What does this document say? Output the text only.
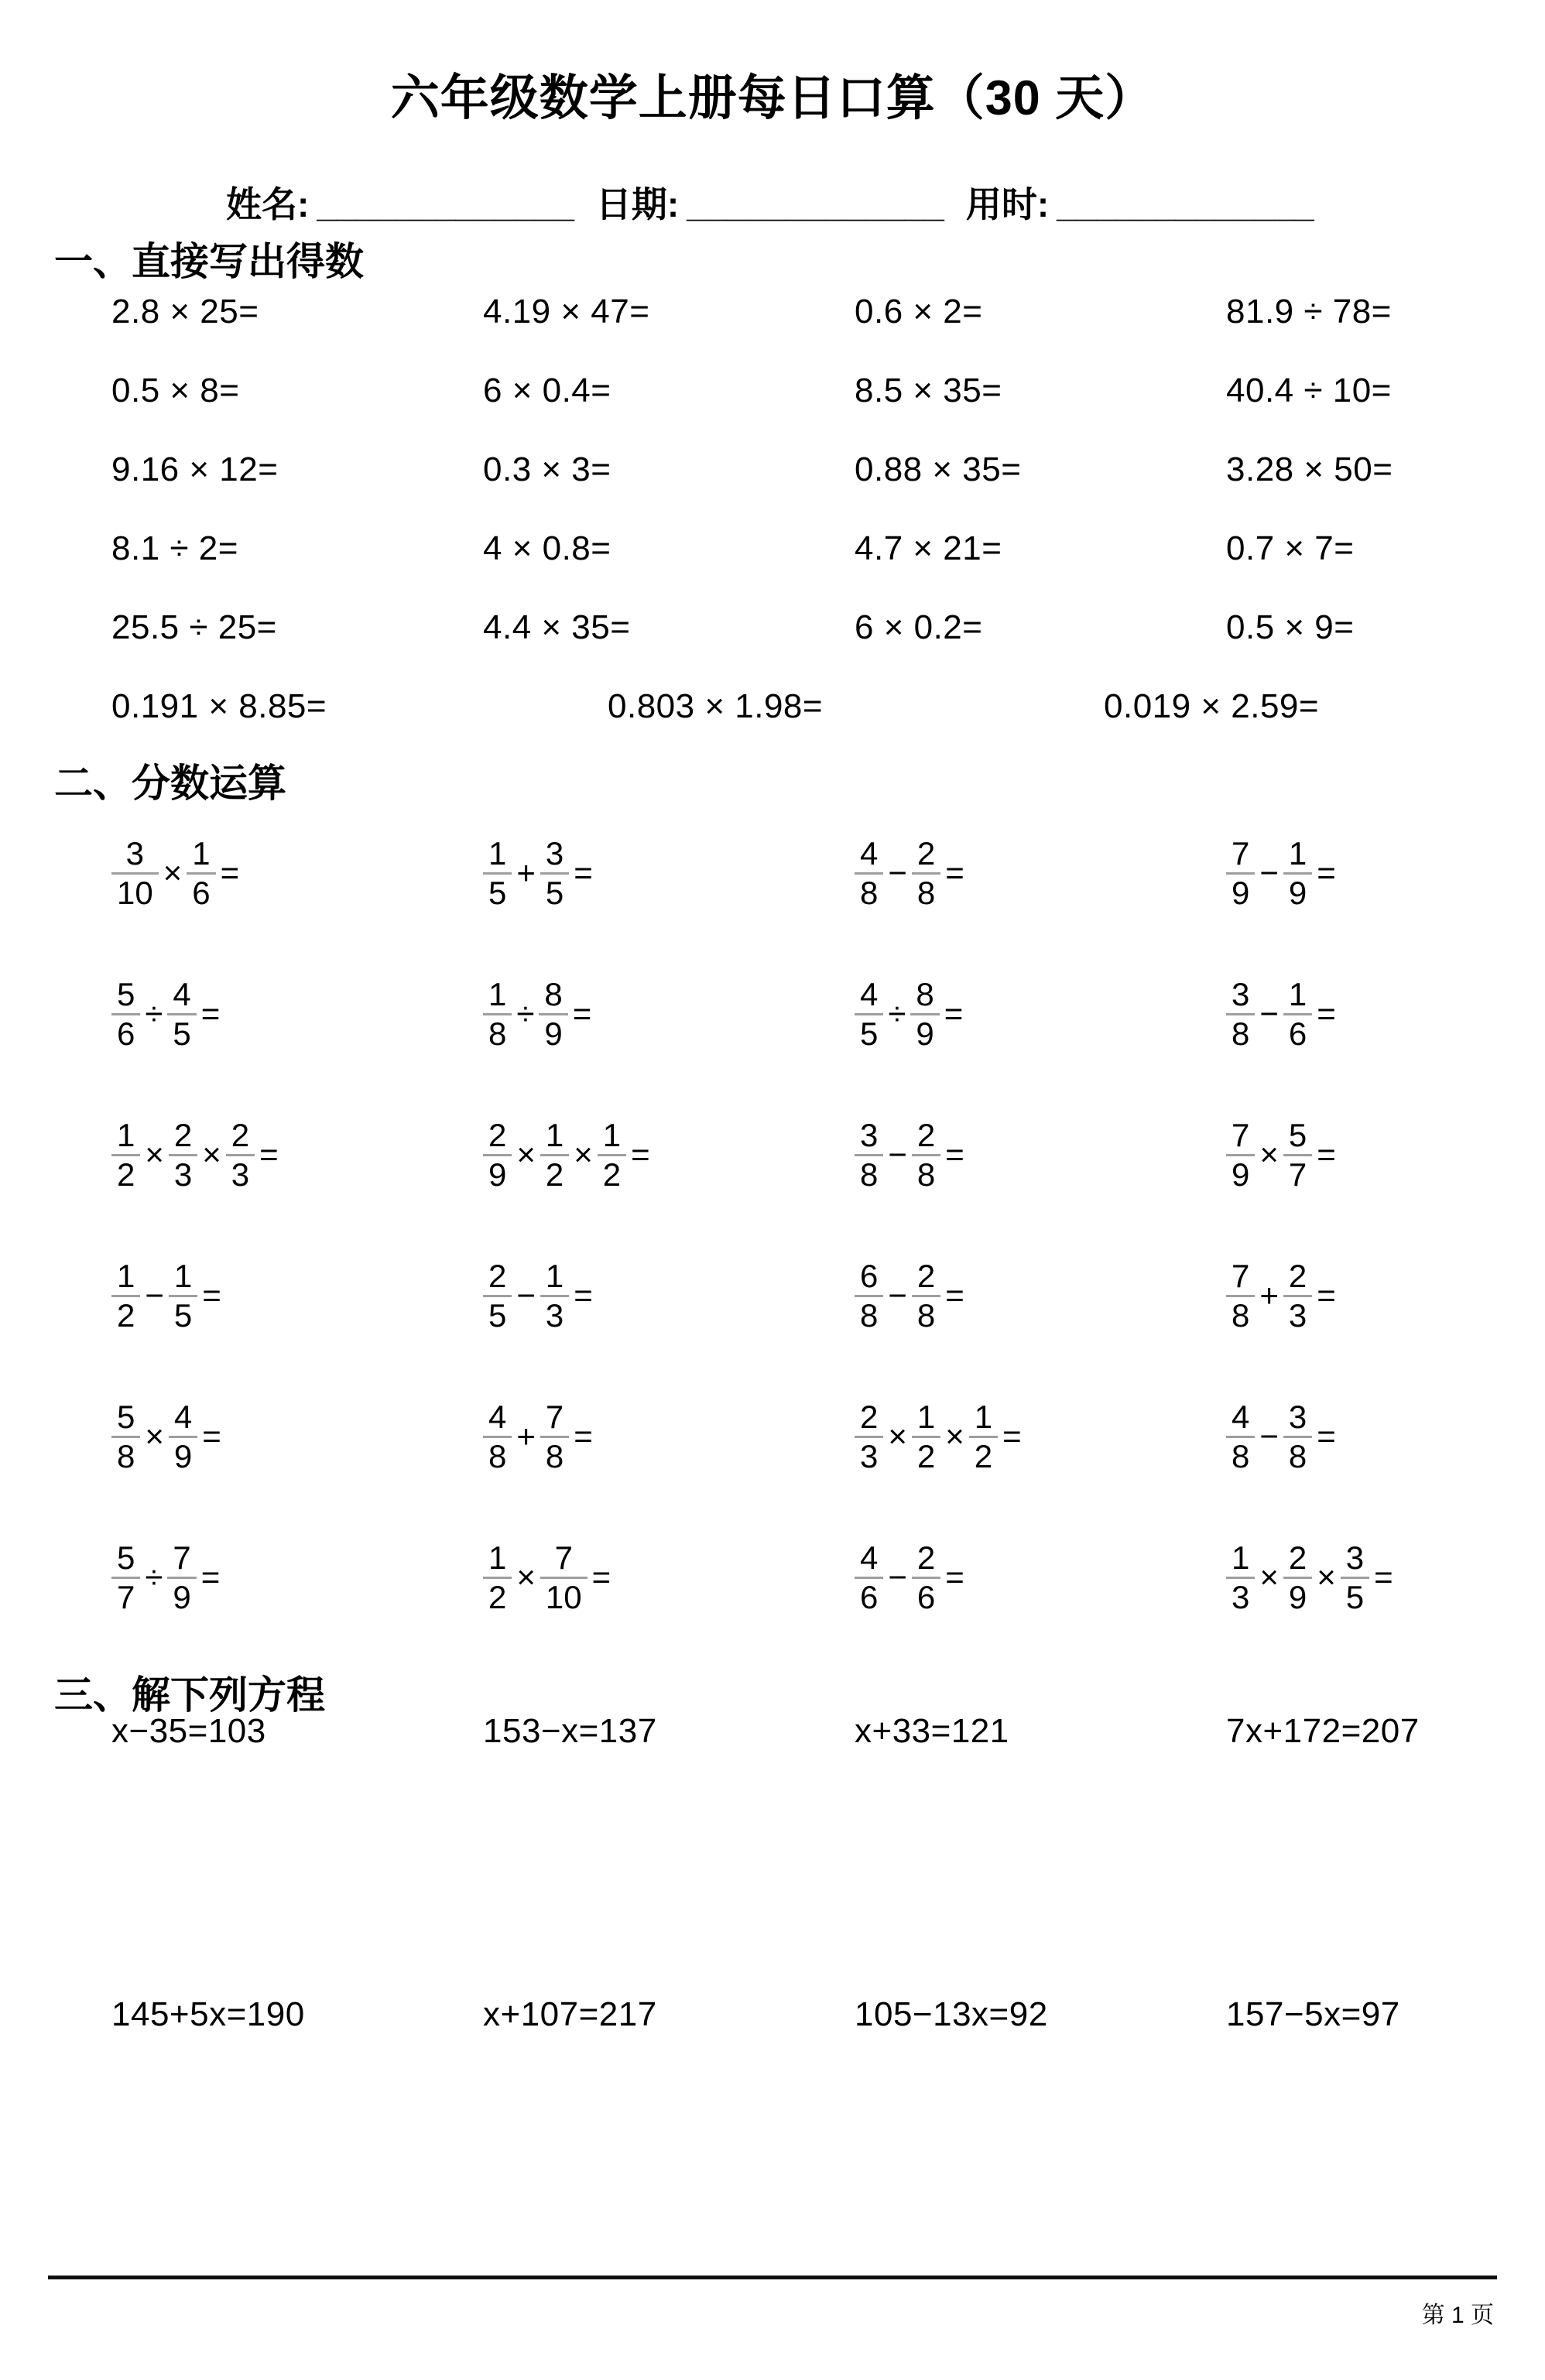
六年级数学上册每日口算（30 天）
姓名: _____________ 日期: _____________ 用时: _____________
一、直接写出得数
2.8 × 25=	4.19 × 47=	0.6 × 2=	81.9 ÷ 78=
0.5 × 8=	6 × 0.4=	8.5 × 35=	40.4 ÷ 10=
9.16 × 12=	0.3 × 3=	0.88 × 35=	3.28 × 50=
8.1 ÷ 2=	4 × 0.8=	4.7 × 21=	0.7 × 7=
25.5 ÷ 25=	4.4 × 35=	6 × 0.2=	0.5 × 9=
0.191 × 8.85=	0.803 × 1.98=	0.019 × 2.59=
二、分数运算
$\frac{3}{10} \times \frac{1}{6}$ =	$\frac{1}{5} + \frac{3}{5}$ =	$\frac{4}{8} - \frac{2}{8}$ =	$\frac{7}{9} - \frac{1}{9}$ =
$\frac{5}{6} \div \frac{4}{5}$ =	$\frac{1}{8} \div \frac{8}{9}$ =	$\frac{4}{5} \div \frac{8}{9}$ =	$\frac{3}{8} - \frac{1}{6}$ =
$\frac{1}{2} \times \frac{2}{3} \times \frac{2}{3}$ =	$\frac{2}{9} \times \frac{1}{2} \times \frac{1}{2}$ =	$\frac{3}{8} - \frac{2}{8}$ =	$\frac{7}{9} \times \frac{5}{7}$ =
$\frac{1}{2} - \frac{1}{5}$ =	$\frac{2}{5} - \frac{1}{3}$ =	$\frac{6}{8} - \frac{2}{8}$ =	$\frac{7}{8} + \frac{2}{3}$ =
$\frac{5}{8} \times \frac{4}{9}$ =	$\frac{4}{8} + \frac{7}{8}$ =	$\frac{2}{3} \times \frac{1}{2} \times \frac{1}{2}$ =	$\frac{4}{8} - \frac{3}{8}$ =
$\frac{5}{7} \div \frac{7}{9}$ =	$\frac{1}{2} \times \frac{7}{10}$ =	$\frac{4}{6} - \frac{2}{6}$ =	$\frac{1}{3} \times \frac{2}{9} \times \frac{3}{5}$ =
三、解下列方程
x−35=103	153−x=137	x+33=121	7x+172=207
145+5x=190	x+107=217	105−13x=92	157−5x=97
第 1 页
